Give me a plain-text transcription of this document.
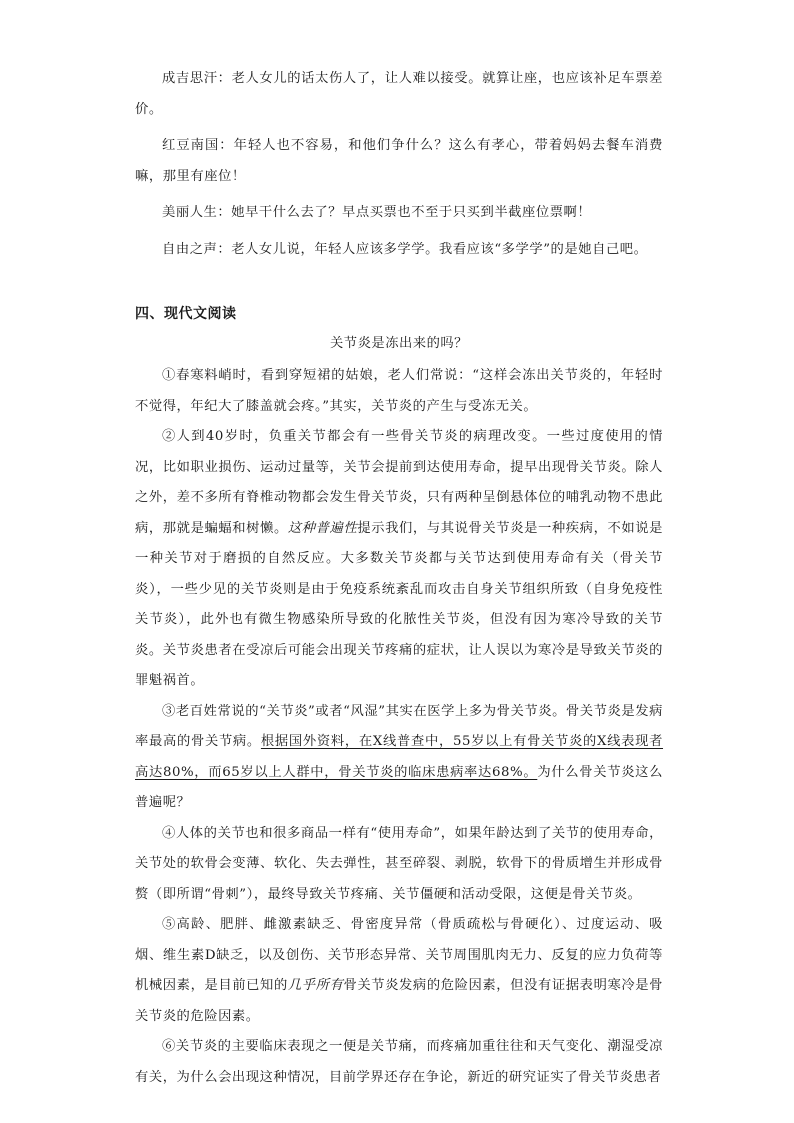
成吉思汗：老人女儿的话太伤人了，让人难以接受。就算让座，也应该补足车票差价。

红豆南国：年轻人也不容易，和他们争什么？这么有孝心，带着妈妈去餐车消费嘛，那里有座位！

美丽人生：她早干什么去了？早点买票也不至于只买到半截座位票啊！

自由之声：老人女儿说，年轻人应该多学学。我看应该“多学学”的是她自己吧。

四、现代文阅读

关节炎是冻出来的吗？

①春寒料峭时，看到穿短裙的姑娘，老人们常说：“这样会冻出关节炎的，年轻时不觉得，年纪大了膝盖就会疼。”其实，关节炎的产生与受冻无关。

②人到40岁时，负重关节都会有一些骨关节炎的病理改变。一些过度使用的情况，比如职业损伤、运动过量等，关节会提前到达使用寿命，提早出现骨关节炎。除人之外，差不多所有脊椎动物都会发生骨关节炎，只有两种呈倒悬体位的哺乳动物不患此病，那就是蝙蝠和树懒。这种普遍性提示我们，与其说骨关节炎是一种疾病，不如说是一种关节对于磨损的自然反应。大多数关节炎都与关节达到使用寿命有关（骨关节炎），一些少见的关节炎则是由于免疫系统紊乱而攻击自身关节组织所致（自身免疫性关节炎），此外也有微生物感染所导致的化脓性关节炎，但没有因为寒冷导致的关节炎。关节炎患者在受凉后可能会出现关节疼痛的症状，让人误以为寒冷是导致关节炎的罪魁祸首。

③老百姓常说的“关节炎”或者“风湿”其实在医学上多为骨关节炎。骨关节炎是发病率最高的骨关节病。根据国外资料，在X线普查中，55岁以上有骨关节炎的X线表现者高达80%，而65岁以上人群中，骨关节炎的临床患病率达68%。为什么骨关节炎这么普遍呢？

④人体的关节也和很多商品一样有“使用寿命”，如果年龄达到了关节的使用寿命，关节处的软骨会变薄、软化、失去弹性，甚至碎裂、剥脱，软骨下的骨质增生并形成骨赘（即所谓“骨刺”），最终导致关节疼痛、关节僵硬和活动受限，这便是骨关节炎。

⑤高龄、肥胖、雌激素缺乏、骨密度异常（骨质疏松与骨硬化）、过度运动、吸烟、维生素D缺乏，以及创伤、关节形态异常、关节周围肌肉无力、反复的应力负荷等机械因素，是目前已知的几乎所有骨关节炎发病的危险因素，但没有证据表明寒冷是骨关节炎的危险因素。

⑥关节炎的主要临床表现之一便是关节痛，而疼痛加重往往和天气变化、潮湿受凉有关，为什么会出现这种情况，目前学界还存在争论，新近的研究证实了骨关节炎患者
